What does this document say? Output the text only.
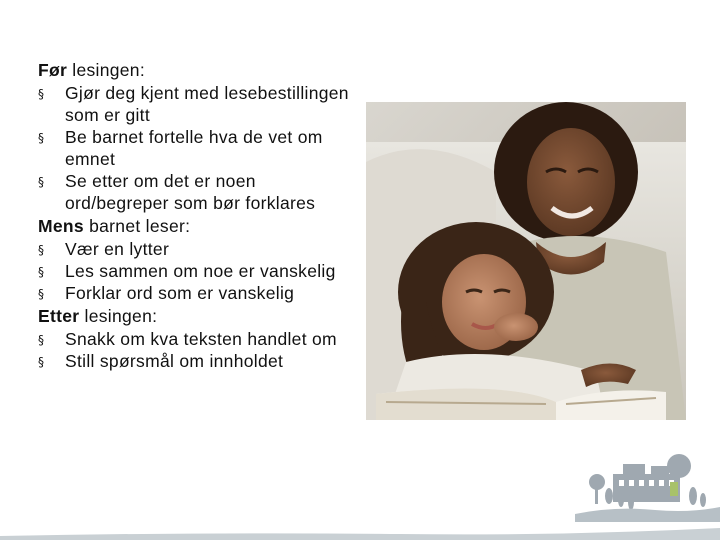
Før lesingen:

§	Gjør deg kjent med lesebestillingen som er gitt
§	Be barnet fortelle hva de vet om emnet
§	Se etter om det er noen ord/begreper som bør forklares

Mens barnet leser:

§	Vær en lytter
§	Les sammen om noe er vanskelig
§	Forklar ord som er vanskelig

Etter lesingen:

§	Snakk om kva teksten handlet om
§	Still spørsmål om innholdet
